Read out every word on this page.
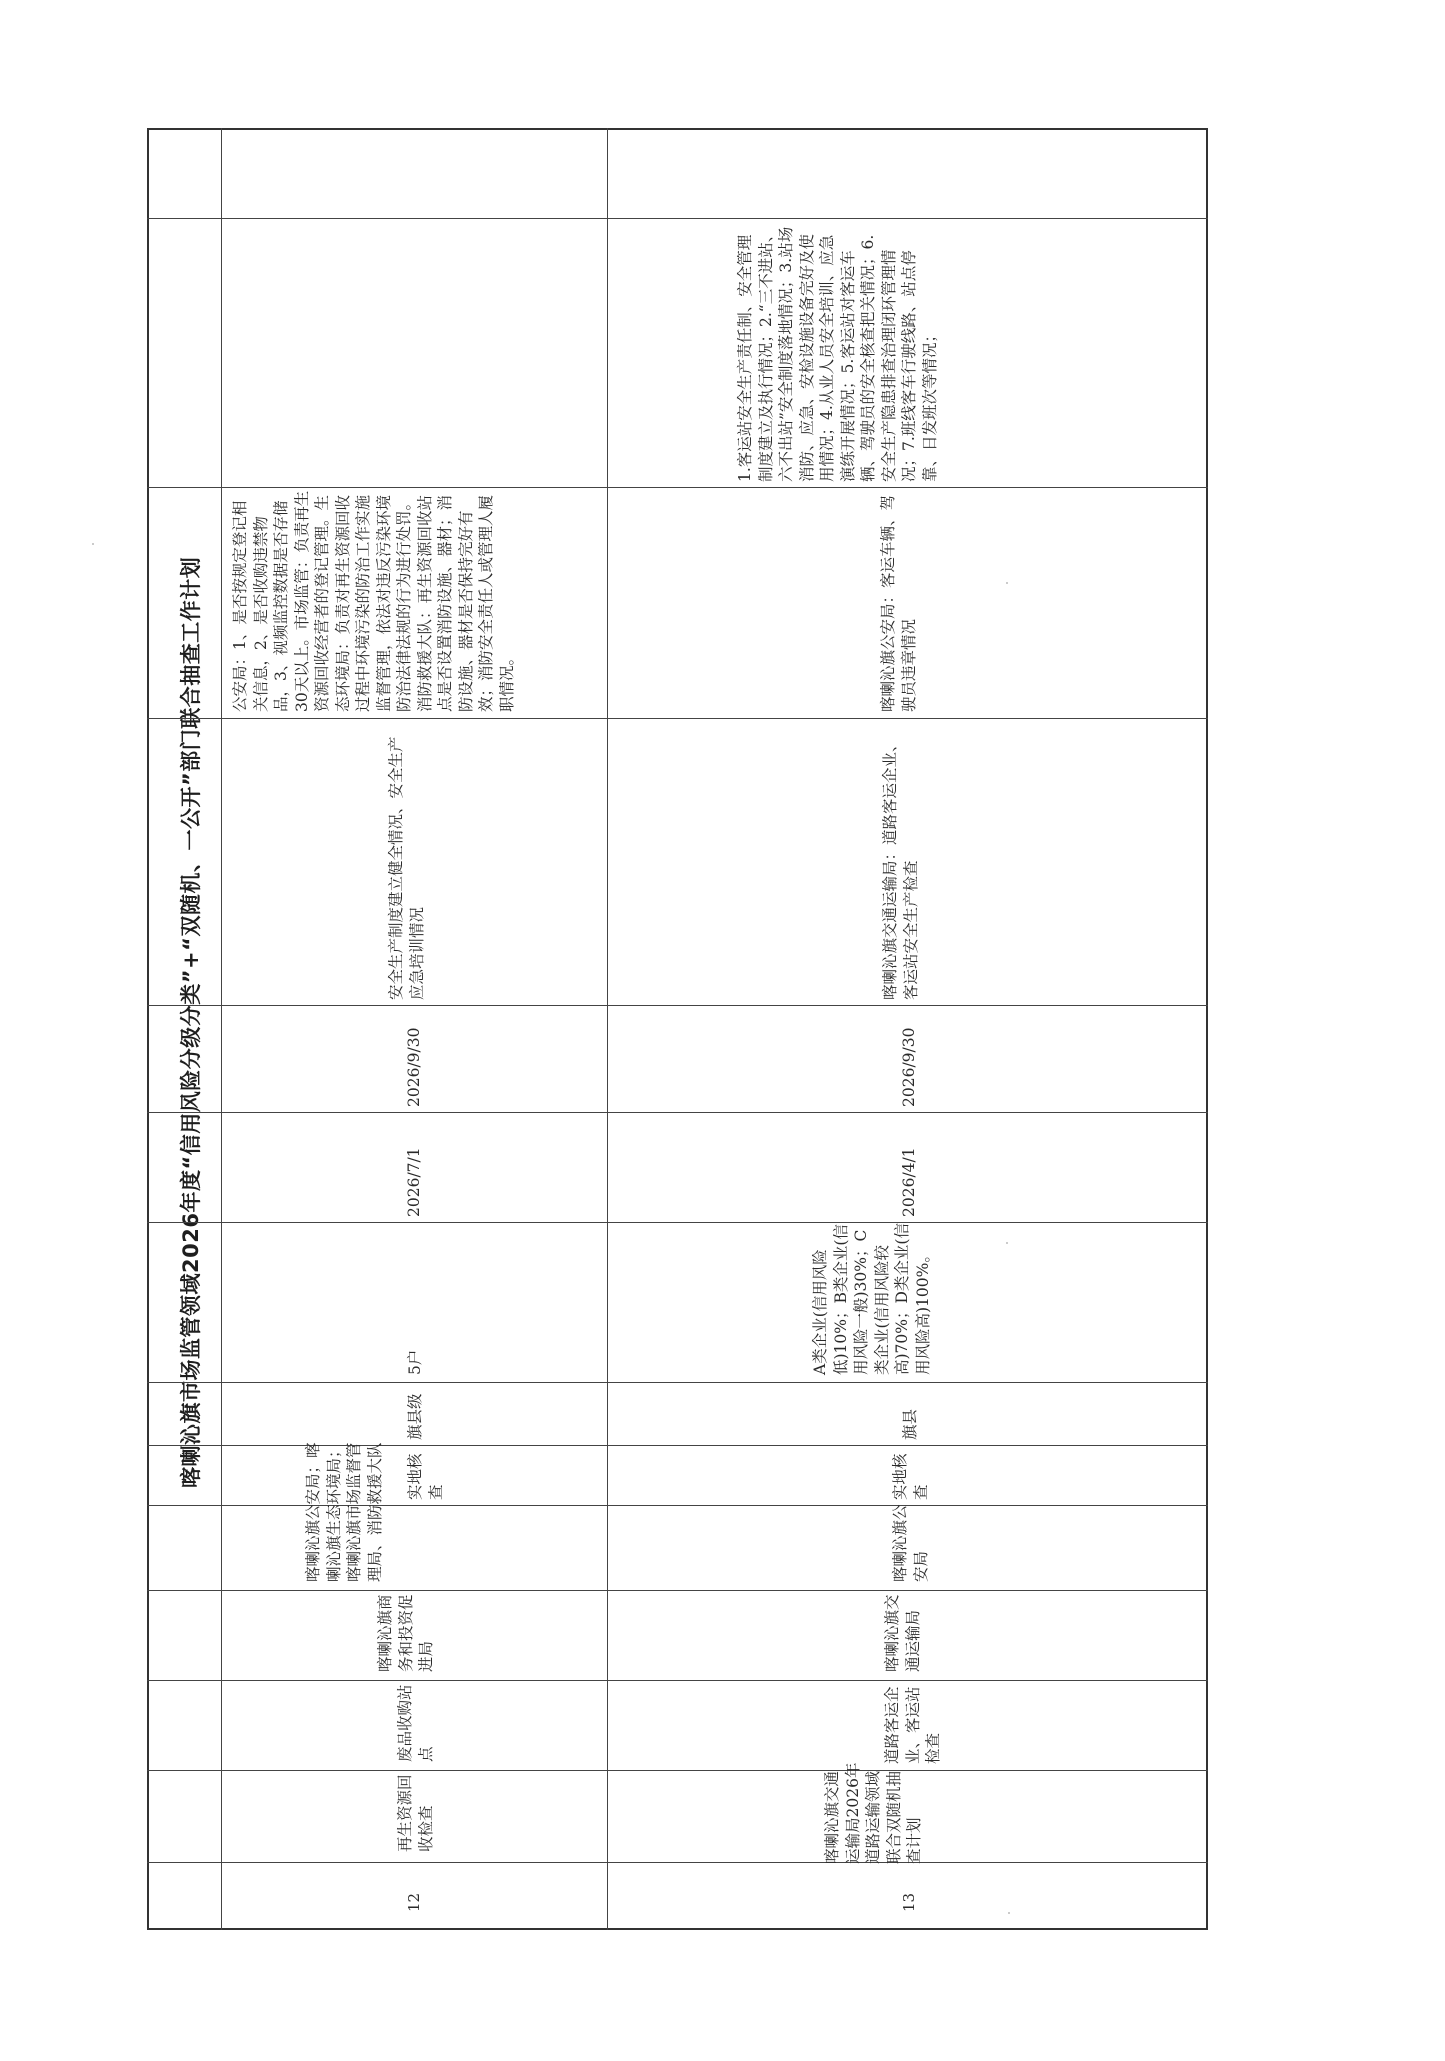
喀喇沁旗市场监管领域2026年度“信用风险分级分类”+“双随机、一公开”部门联合抽查工作计划
12
再生资源回收检查
废品收购站点
喀喇沁旗商务和投资促进局
喀喇沁旗公安局；喀喇沁旗生态环境局；喀喇沁旗市场监督管理局、消防救援大队 实地核查
旗县级
5户
2026/7/1
2026/9/30
安全生产制度建立健全情况、安全生产应急培训情况
公安局：1、是否按规定登记相关信息，2、是否收购违禁物品，3、视频监控数据是否存储30天以上。市场监管：负责再生资源回收经营者的登记管理。生态环境局：负责对再生资源回收过程中环境污染的防治工作实施监督管理，依法对违反污染环境防治法律法规的行为进行处罚。消防救援大队：再生资源回收站点是否设置消防设施、器材；消防设施、器材是否保持完好有效；消防安全责任人或管理人履职情况。
13
喀喇沁旗交通运输局2026年道路运输领域联合双随机抽查计划
道路客运企业、客运站检查
喀喇沁旗交通运输局
喀喇沁旗公安局
实地核查
旗县
A类企业(信用风险低)10%；B类企业(信用风险一般)30%；C类企业(信用风险较高)70%；D类企业(信用风险高)100%。
2026/4/1
2026/9/30
喀喇沁旗交通运输局：道路客运企业、客运站安全生产检查
喀喇沁旗公安局：客运车辆、驾驶员违章情况
1.客运站安全生产责任制、安全管理制度建立及执行情况；2.“三不进站、六不出站”安全制度落地情况；3.站场消防、应急、安检设施设备完好及使用情况；4.从业人员安全培训、应急演练开展情况；5.客运站对客运车辆、驾驶员的安全核查把关情况；6.安全生产隐患排查治理闭环管理情况；7.班线客车行驶线路、站点停靠、日发班次等情况；
